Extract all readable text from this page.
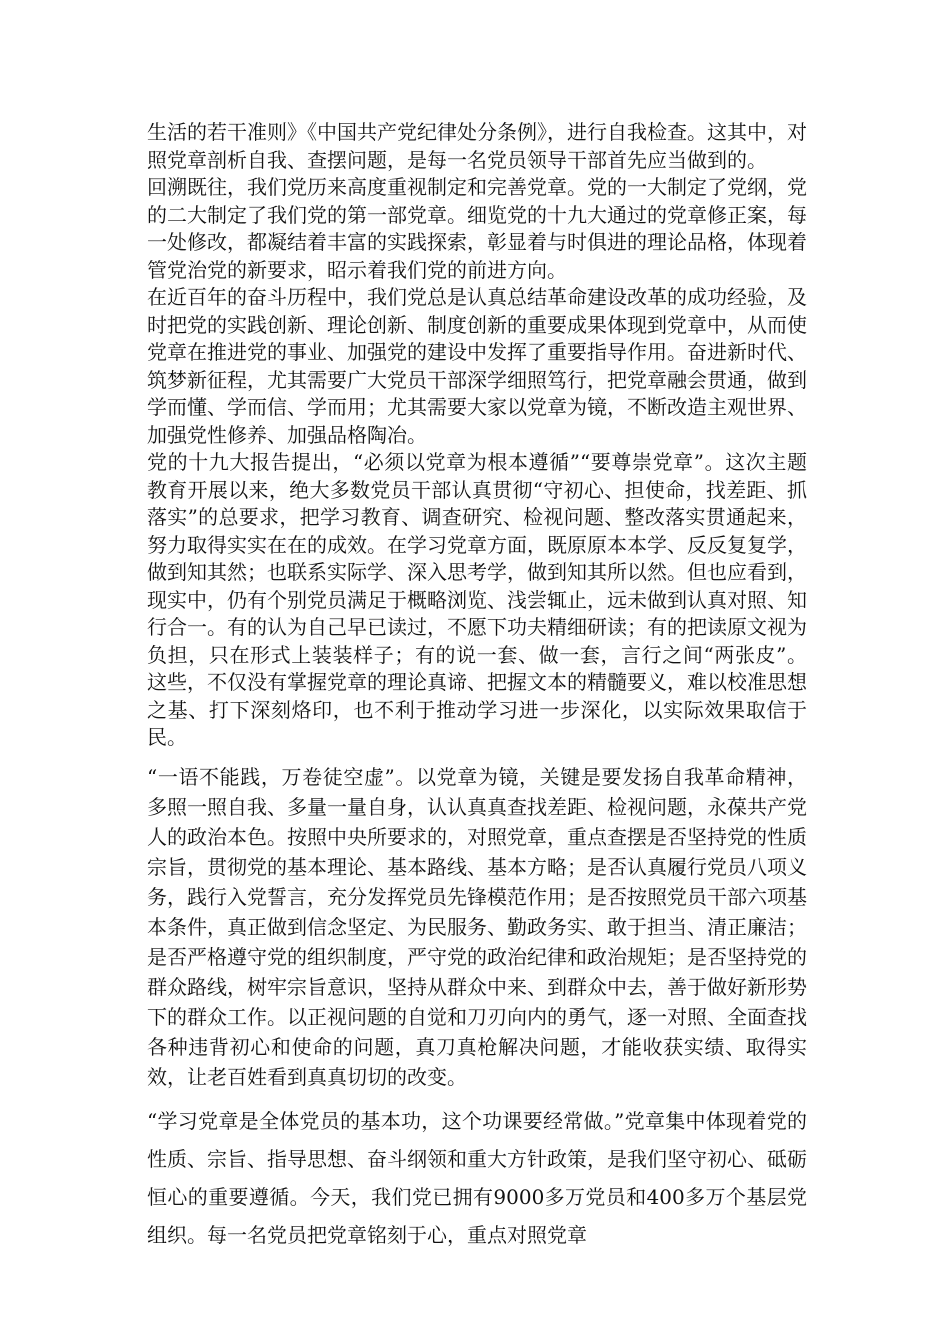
生活的若干准则》《中国共产党纪律处分条例》，进行自我检查。这其中，对照党章剖析自我、查摆问题，是每一名党员领导干部首先应当做到的。

回溯既往，我们党历来高度重视制定和完善党章。党的一大制定了党纲，党的二大制定了我们党的第一部党章。细览党的十九大通过的党章修正案，每一处修改，都凝结着丰富的实践探索，彰显着与时俱进的理论品格，体现着管党治党的新要求，昭示着我们党的前进方向。

在近百年的奋斗历程中，我们党总是认真总结革命建设改革的成功经验，及时把党的实践创新、理论创新、制度创新的重要成果体现到党章中，从而使党章在推进党的事业、加强党的建设中发挥了重要指导作用。奋进新时代、筑梦新征程，尤其需要广大党员干部深学细照笃行，把党章融会贯通，做到学而懂、学而信、学而用；尤其需要大家以党章为镜，不断改造主观世界、加强党性修养、加强品格陶冶。

党的十九大报告提出，“必须以党章为根本遵循”“要尊崇党章”。这次主题教育开展以来，绝大多数党员干部认真贯彻“守初心、担使命，找差距、抓落实”的总要求，把学习教育、调查研究、检视问题、整改落实贯通起来，努力取得实实在在的成效。在学习党章方面，既原原本本学、反反复复学，做到知其然；也联系实际学、深入思考学，做到知其所以然。但也应看到，现实中，仍有个别党员满足于概略浏览、浅尝辄止，远未做到认真对照、知行合一。有的认为自己早已读过，不愿下功夫精细研读；有的把读原文视为负担，只在形式上装装样子；有的说一套、做一套，言行之间“两张皮”。这些，不仅没有掌握党章的理论真谛、把握文本的精髓要义，难以校准思想之基、打下深刻烙印，也不利于推动学习进一步深化，以实际效果取信于民。

“一语不能践，万卷徒空虚”。以党章为镜，关键是要发扬自我革命精神，多照一照自我、多量一量自身，认认真真查找差距、检视问题，永葆共产党人的政治本色。按照中央所要求的，对照党章，重点查摆是否坚持党的性质宗旨，贯彻党的基本理论、基本路线、基本方略；是否认真履行党员八项义务，践行入党誓言，充分发挥党员先锋模范作用；是否按照党员干部六项基本条件，真正做到信念坚定、为民服务、勤政务实、敢于担当、清正廉洁；是否严格遵守党的组织制度，严守党的政治纪律和政治规矩；是否坚持党的群众路线，树牢宗旨意识，坚持从群众中来、到群众中去，善于做好新形势下的群众工作。以正视问题的自觉和刀刃向内的勇气，逐一对照、全面查找各种违背初心和使命的问题，真刀真枪解决问题，才能收获实绩、取得实效，让老百姓看到真真切切的改变。

“学习党章是全体党员的基本功，这个功课要经常做。”党章集中体现着党的性质、宗旨、指导思想、奋斗纲领和重大方针政策，是我们坚守初心、砥砺恒心的重要遵循。今天，我们党已拥有9000多万党员和400多万个基层党组织。每一名党员把党章铭刻于心，重点对照党章
